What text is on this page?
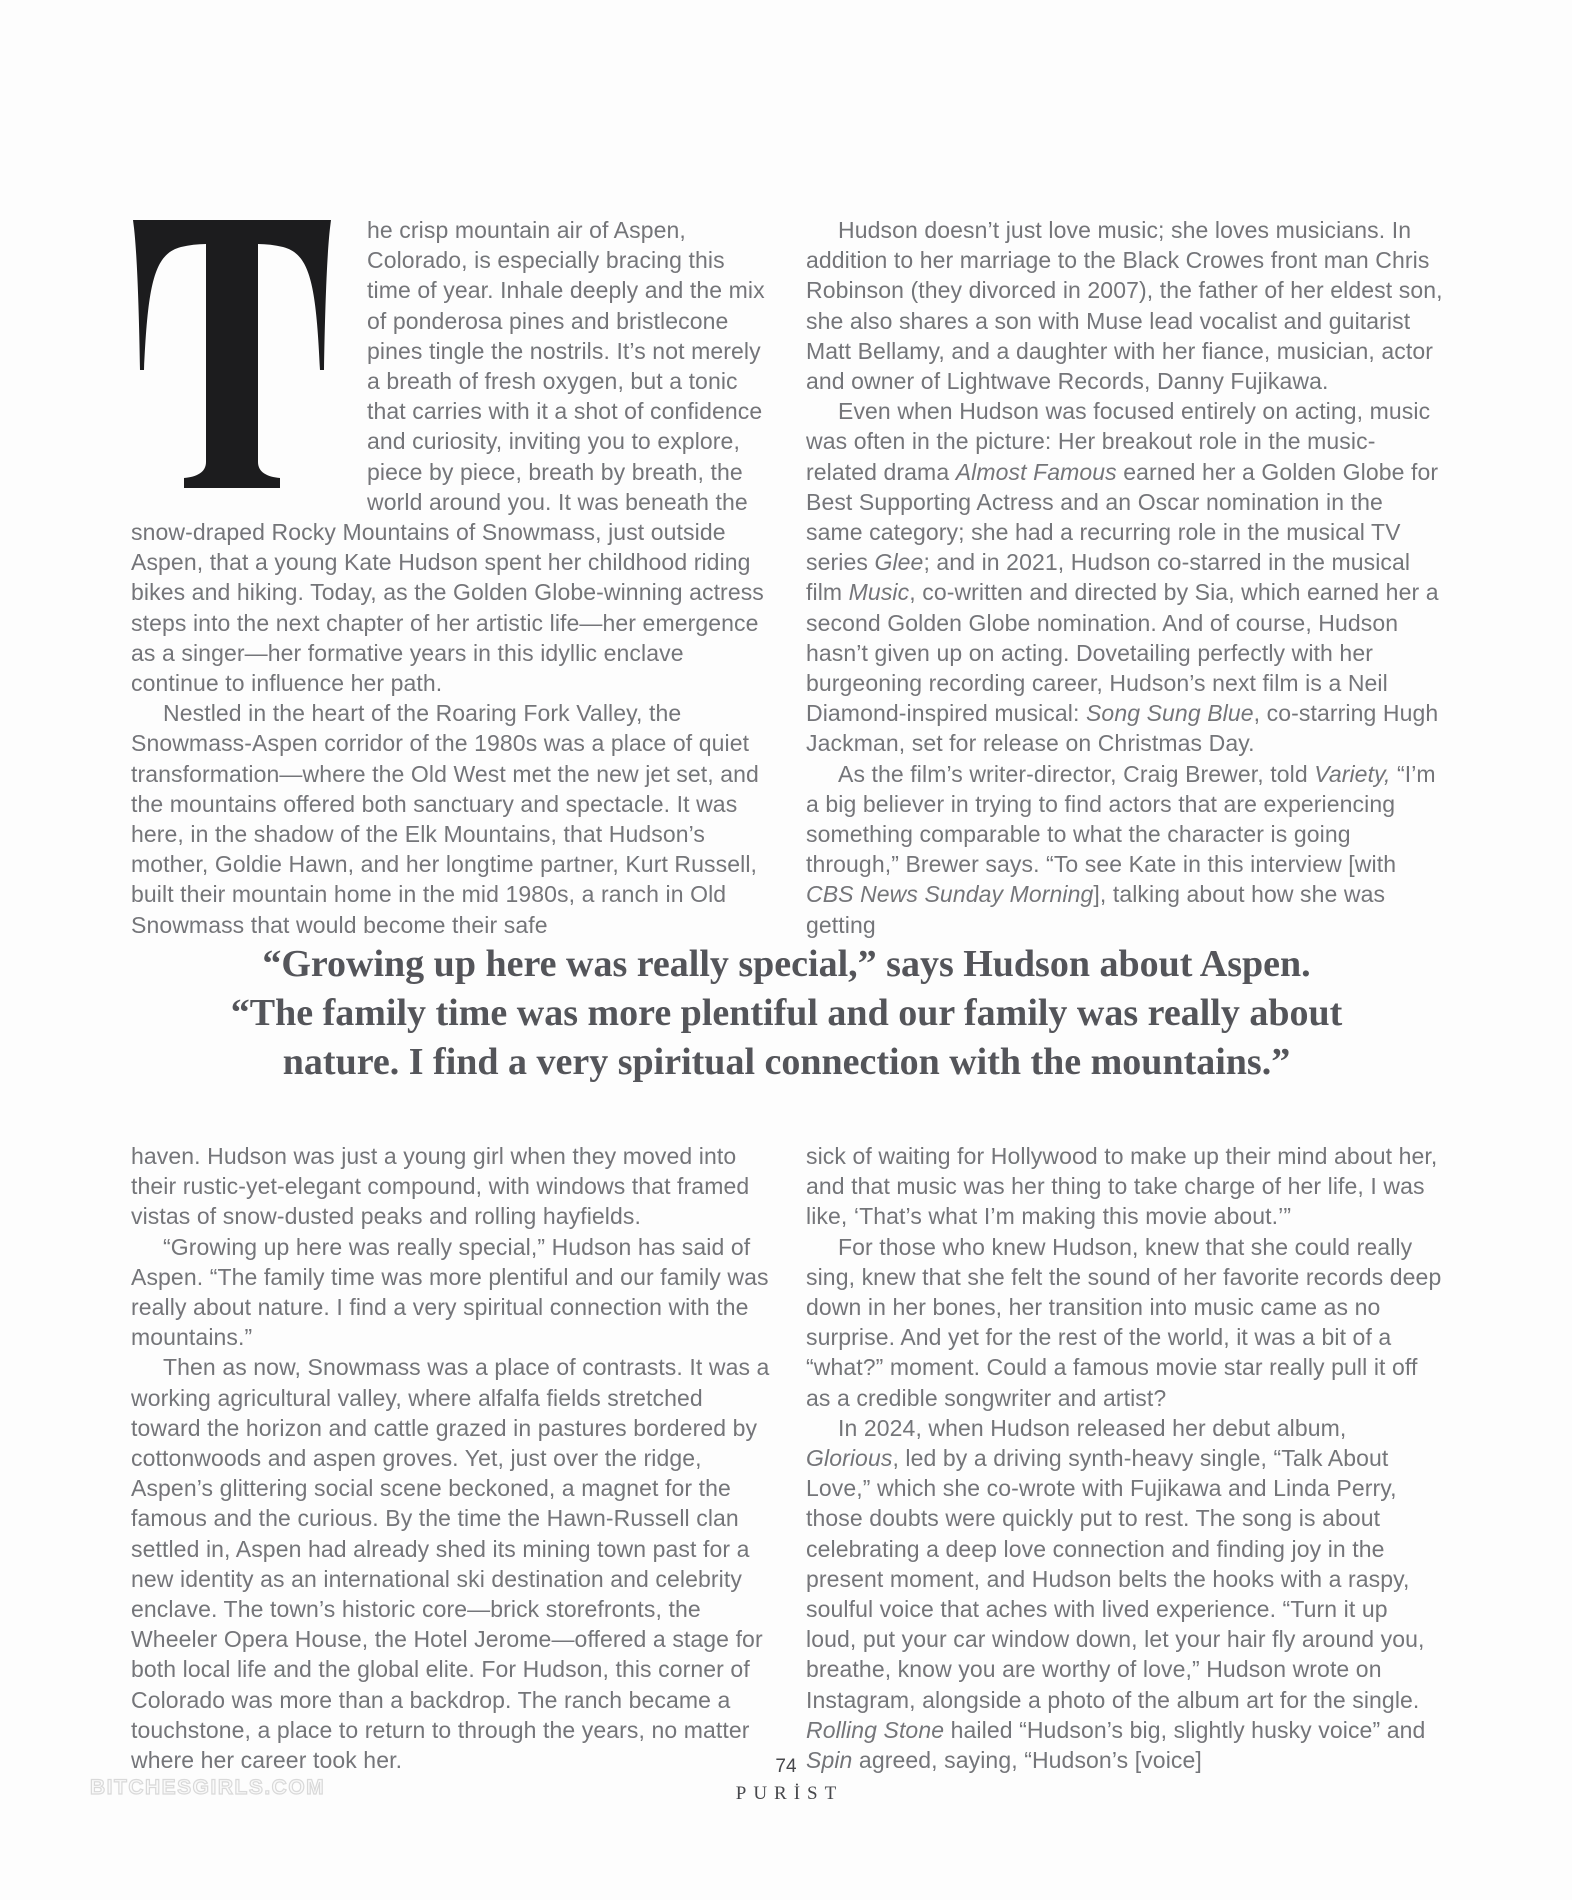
he crisp mountain air of Aspen, Colorado, is especially bracing this time of year. Inhale deeply and the mix of ponderosa pines and bristlecone pines tingle the nostrils. It’s not merely a breath of fresh oxygen, but a tonic that carries with it a shot of confidence and curiosity, inviting you to explore, piece by piece, breath by breath, the world around you. It was beneath the snow-draped Rocky Mountains of Snowmass, just outside Aspen, that a young Kate Hudson spent her childhood riding bikes and hiking. Today, as the Golden Globe-winning actress steps into the next chapter of her artistic life—her emergence as a singer—her formative years in this idyllic enclave continue to influence her path.

Nestled in the heart of the Roaring Fork Valley, the Snowmass-Aspen corridor of the 1980s was a place of quiet transformation—where the Old West met the new jet set, and the mountains offered both sanctuary and spectacle. It was here, in the shadow of the Elk Mountains, that Hudson’s mother, Goldie Hawn, and her longtime partner, Kurt Russell, built their mountain home in the mid 1980s, a ranch in Old Snowmass that would become their safe

Hudson doesn’t just love music; she loves musicians. In addition to her marriage to the Black Crowes front man Chris Robinson (they divorced in 2007), the father of her eldest son, she also shares a son with Muse lead vocalist and guitarist Matt Bellamy, and a daughter with her fiance, musician, actor and owner of Lightwave Records, Danny Fujikawa.

Even when Hudson was focused entirely on acting, music was often in the picture: Her breakout role in the music-related drama Almost Famous earned her a Golden Globe for Best Supporting Actress and an Oscar nomination in the same category; she had a recurring role in the musical TV series Glee; and in 2021, Hudson co-starred in the musical film Music, co-written and directed by Sia, which earned her a second Golden Globe nomination. And of course, Hudson hasn’t given up on acting. Dovetailing perfectly with her burgeoning recording career, Hudson’s next film is a Neil Diamond-inspired musical: Song Sung Blue, co-starring Hugh Jackman, set for release on Christmas Day.

As the film’s writer-director, Craig Brewer, told Variety, “I’m a big believer in trying to find actors that are experiencing something comparable to what the character is going through,” Brewer says. “To see Kate in this interview [with CBS News Sunday Morning], talking about how she was getting

“Growing up here was really special,” says Hudson about Aspen.
“The family time was more plentiful and our family was really about
nature. I find a very spiritual connection with the mountains.”

haven. Hudson was just a young girl when they moved into their rustic-yet-elegant compound, with windows that framed vistas of snow-dusted peaks and rolling hayfields.

“Growing up here was really special,” Hudson has said of Aspen. “The family time was more plentiful and our family was really about nature. I find a very spiritual connection with the mountains.”

Then as now, Snowmass was a place of contrasts. It was a working agricultural valley, where alfalfa fields stretched toward the horizon and cattle grazed in pastures bordered by cottonwoods and aspen groves. Yet, just over the ridge, Aspen’s glittering social scene beckoned, a magnet for the famous and the curious. By the time the Hawn-Russell clan settled in, Aspen had already shed its mining town past for a new identity as an international ski destination and celebrity enclave. The town’s historic core—brick storefronts, the Wheeler Opera House, the Hotel Jerome—offered a stage for both local life and the global elite. For Hudson, this corner of Colorado was more than a backdrop. The ranch became a touchstone, a place to return to through the years, no matter where her career took her.

sick of waiting for Hollywood to make up their mind about her, and that music was her thing to take charge of her life, I was like, ‘That’s what I’m making this movie about.’”

For those who knew Hudson, knew that she could really sing, knew that she felt the sound of her favorite records deep down in her bones, her transition into music came as no surprise. And yet for the rest of the world, it was a bit of a “what?” moment. Could a famous movie star really pull it off as a credible songwriter and artist?

In 2024, when Hudson released her debut album, Glorious, led by a driving synth-heavy single, “Talk About Love,” which she co-wrote with Fujikawa and Linda Perry, those doubts were quickly put to rest. The song is about celebrating a deep love connection and finding joy in the present moment, and Hudson belts the hooks with a raspy, soulful voice that aches with lived experience. “Turn it up loud, put your car window down, let your hair fly around you, breathe, know you are worthy of love,” Hudson wrote on Instagram, alongside a photo of the album art for the single. Rolling Stone hailed “Hudson’s big, slightly husky voice” and Spin agreed, saying, “Hudson’s [voice]

74
PURİST
BITCHESGIRLS.COM
